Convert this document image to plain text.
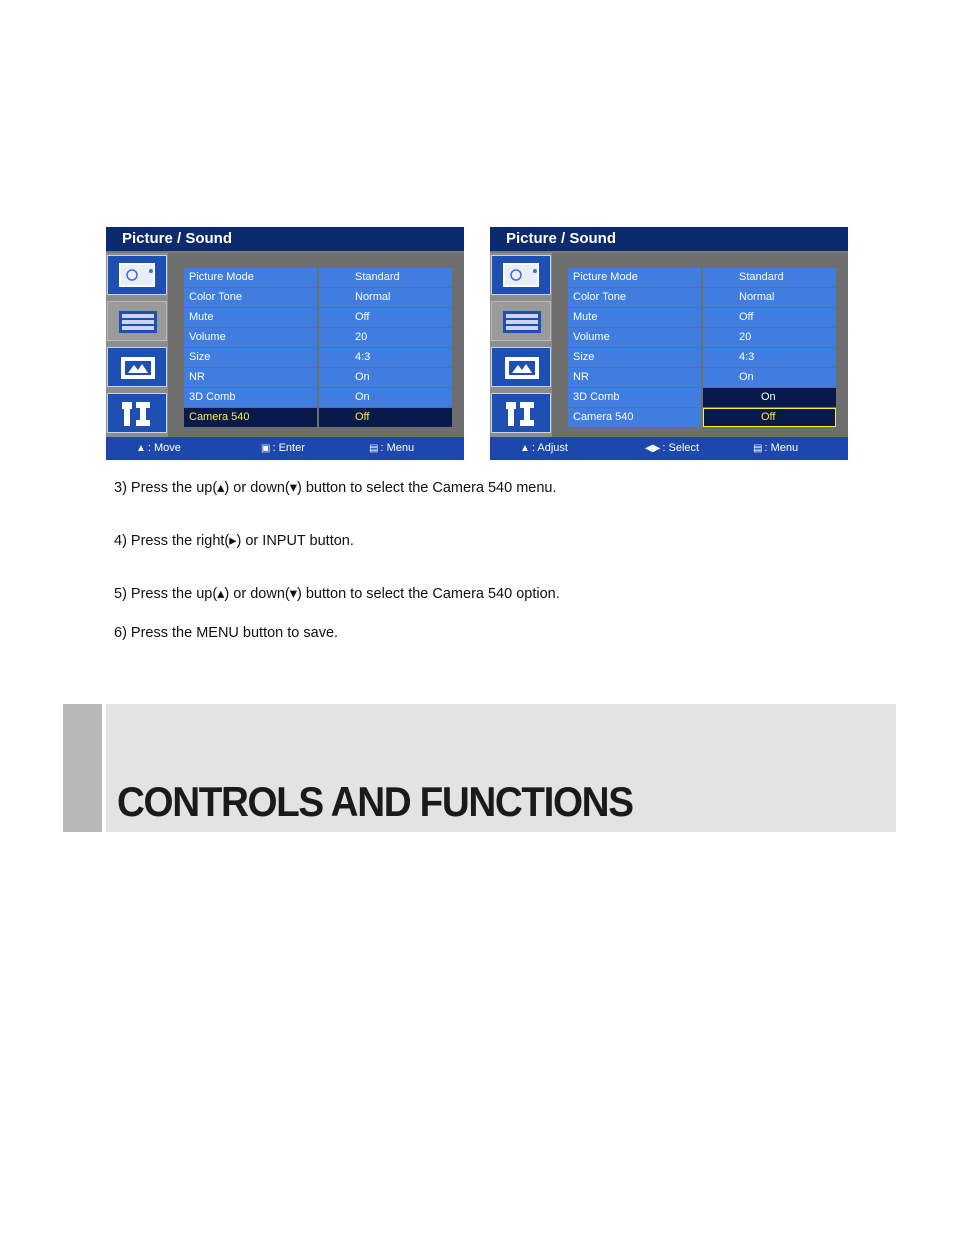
Picture / Sound
Picture Mode	Standard
Color Tone	Normal
Mute	Off
Volume	20
Size	4:3
NR	On
3D Comb	On
Camera 540	Off
▲︎ : Move	▣ : Enter	▤ : Menu
Picture / Sound
Picture Mode	Standard
Color Tone	Normal
Mute	Off
Volume	20
Size	4:3
NR	On
3D Comb	On
Camera 540	Off
▲︎ : Adjust	◀▶ : Select	▤ : Menu
3) Press the up(▴) or down(▾) button to select the Camera 540 menu.
4) Press the right(▸) or INPUT button.
5) Press the up(▴) or down(▾) button to select the Camera 540 option.
6) Press the MENU button to save.
CONTROLS AND FUNCTIONS
